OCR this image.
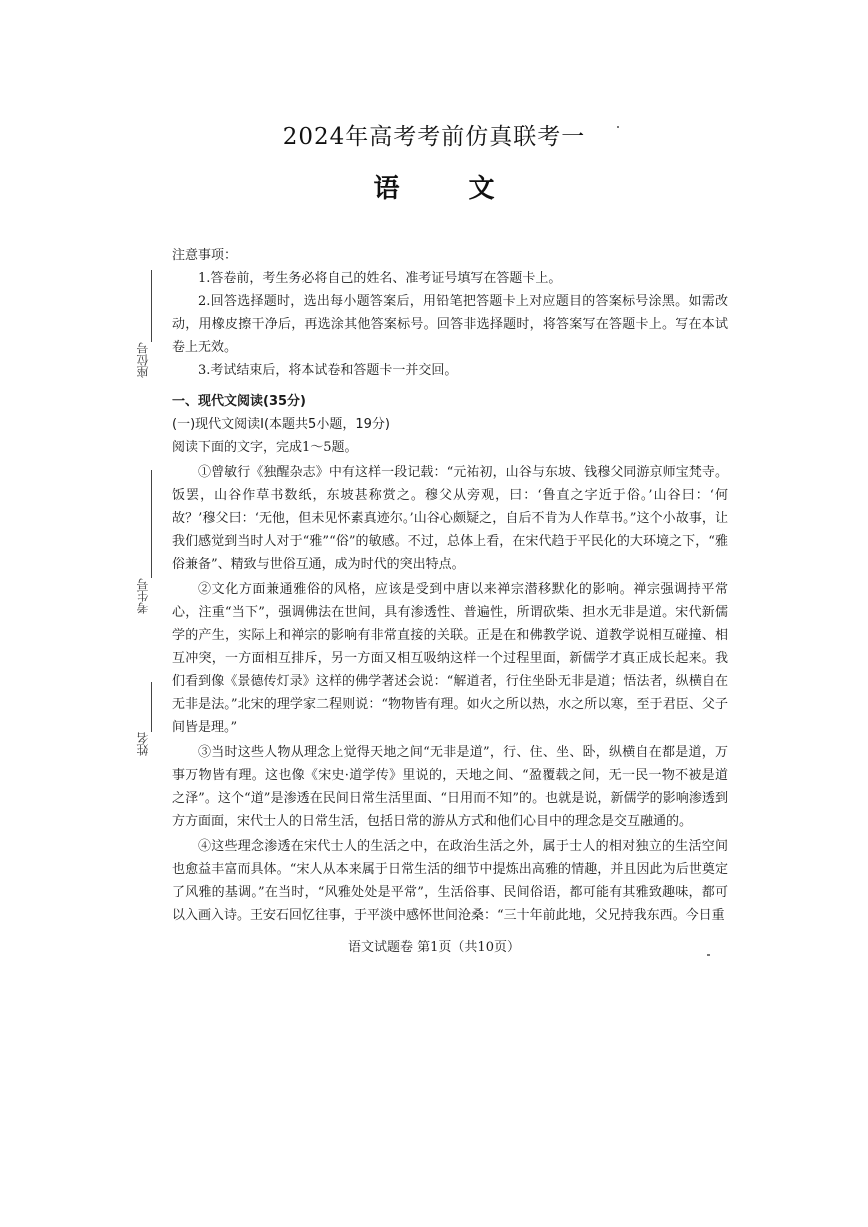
2024年高考考前仿真联考一
语 文
座位号
考生号
姓名

注意事项：

1.答卷前，考生务必将自己的姓名、准考证号填写在答题卡上。

2.回答选择题时，选出每小题答案后，用铅笔把答题卡上对应题目的答案标号涂黑。如需改动，用橡皮擦干净后，再选涂其他答案标号。回答非选择题时，将答案写在答题卡上。写在本试卷上无效。

3.考试结束后，将本试卷和答题卡一并交回。

一、现代文阅读(35分)

(一)现代文阅读Ⅰ(本题共5小题，19分)

阅读下面的文字，完成1～5题。

①曾敏行《独醒杂志》中有这样一段记载：“元祐初，山谷与东坡、钱穆父同游京师宝梵寺。饭罢，山谷作草书数纸，东坡甚称赏之。穆父从旁观，曰：‘鲁直之字近于俗。’山谷曰：‘何故？’穆父曰：‘无他，但未见怀素真迹尔。’山谷心颇疑之，自后不肯为人作草书。”这个小故事，让我们感觉到当时人对于“雅”“俗”的敏感。不过，总体上看，在宋代趋于平民化的大环境之下，“雅俗兼备”、精致与世俗互通，成为时代的突出特点。

②文化方面兼通雅俗的风格，应该是受到中唐以来禅宗潜移默化的影响。禅宗强调持平常心，注重“当下”，强调佛法在世间，具有渗透性、普遍性，所谓砍柴、担水无非是道。宋代新儒学的产生，实际上和禅宗的影响有非常直接的关联。正是在和佛教学说、道教学说相互碰撞、相互冲突，一方面相互排斥，另一方面又相互吸纳这样一个过程里面，新儒学才真正成长起来。我们看到像《景德传灯录》这样的佛学著述会说：“解道者，行住坐卧无非是道；悟法者，纵横自在无非是法。”北宋的理学家二程则说：“物物皆有理。如火之所以热，水之所以寒，至于君臣、父子间皆是理。”

③当时这些人物从理念上觉得天地之间“无非是道”，行、住、坐、卧，纵横自在都是道，万事万物皆有理。这也像《宋史·道学传》里说的，天地之间、“盈覆载之间，无一民一物不被是道之泽”。这个“道”是渗透在民间日常生活里面、“日用而不知”的。也就是说，新儒学的影响渗透到方方面面，宋代士人的日常生活，包括日常的游从方式和他们心目中的理念是交互融通的。

④这些理念渗透在宋代士人的生活之中，在政治生活之外，属于士人的相对独立的生活空间也愈益丰富而具体。“宋人从本来属于日常生活的细节中提炼出高雅的情趣，并且因此为后世奠定了风雅的基调。”在当时，“风雅处处是平常”，生活俗事、民间俗语，都可能有其雅致趣味，都可以入画入诗。王安石回忆往事，于平淡中感怀世间沧桑：“三十年前此地，父兄持我东西。今日重

语文试题卷 第1页（共10页）
